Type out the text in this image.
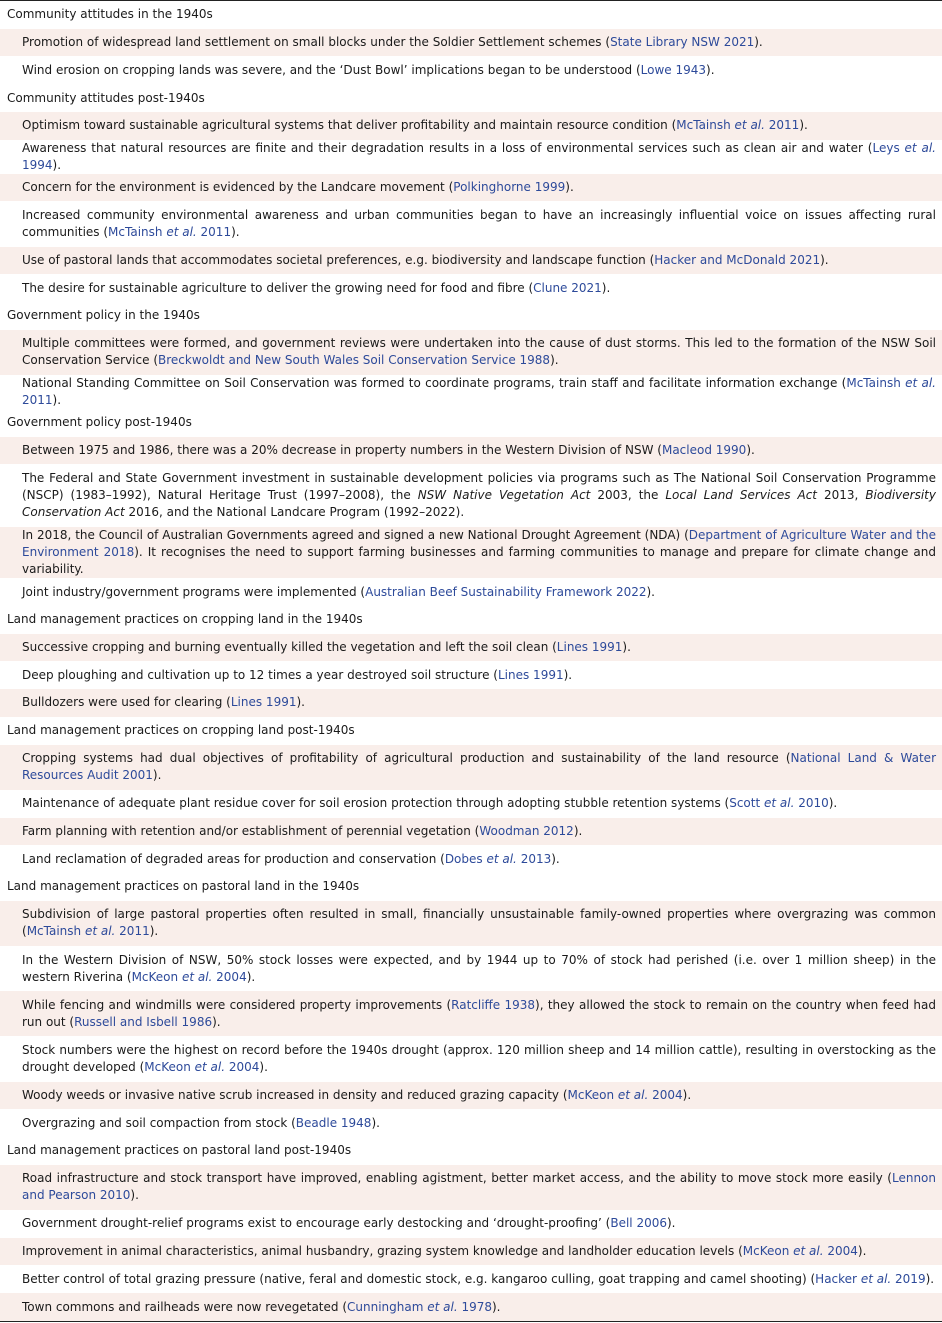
Community attitudes in the 1940s
Promotion of widespread land settlement on small blocks under the Soldier Settlement schemes (State Library NSW 2021).
Wind erosion on cropping lands was severe, and the ‘Dust Bowl’ implications began to be understood (Lowe 1943).
Community attitudes post-1940s
Optimism toward sustainable agricultural systems that deliver profitability and maintain resource condition (McTainsh et al. 2011).
Awareness that natural resources are finite and their degradation results in a loss of environmental services such as clean air and water (Leys et al. 1994).
Concern for the environment is evidenced by the Landcare movement (Polkinghorne 1999).
Increased community environmental awareness and urban communities began to have an increasingly influential voice on issues affecting rural communities (McTainsh et al. 2011).
Use of pastoral lands that accommodates societal preferences, e.g. biodiversity and landscape function (Hacker and McDonald 2021).
The desire for sustainable agriculture to deliver the growing need for food and fibre (Clune 2021).
Government policy in the 1940s
Multiple committees were formed, and government reviews were undertaken into the cause of dust storms. This led to the formation of the NSW Soil Conservation Service (Breckwoldt and New South Wales Soil Conservation Service 1988).
National Standing Committee on Soil Conservation was formed to coordinate programs, train staff and facilitate information exchange (McTainsh et al. 2011).
Government policy post-1940s
Between 1975 and 1986, there was a 20% decrease in property numbers in the Western Division of NSW (Macleod 1990).
The Federal and State Government investment in sustainable development policies via programs such as The National Soil Conservation Programme (NSCP) (1983–1992), Natural Heritage Trust (1997–2008), the NSW Native Vegetation Act 2003, the Local Land Services Act 2013, Biodiversity Conservation Act 2016, and the National Landcare Program (1992–2022).
In 2018, the Council of Australian Governments agreed and signed a new National Drought Agreement (NDA) (Department of Agriculture Water and the Environment 2018). It recognises the need to support farming businesses and farming communities to manage and prepare for climate change and variability.
Joint industry/government programs were implemented (Australian Beef Sustainability Framework 2022).
Land management practices on cropping land in the 1940s
Successive cropping and burning eventually killed the vegetation and left the soil clean (Lines 1991).
Deep ploughing and cultivation up to 12 times a year destroyed soil structure (Lines 1991).
Bulldozers were used for clearing (Lines 1991).
Land management practices on cropping land post-1940s
Cropping systems had dual objectives of profitability of agricultural production and sustainability of the land resource (National Land & Water Resources Audit 2001).
Maintenance of adequate plant residue cover for soil erosion protection through adopting stubble retention systems (Scott et al. 2010).
Farm planning with retention and/or establishment of perennial vegetation (Woodman 2012).
Land reclamation of degraded areas for production and conservation (Dobes et al. 2013).
Land management practices on pastoral land in the 1940s
Subdivision of large pastoral properties often resulted in small, financially unsustainable family-owned properties where overgrazing was common (McTainsh et al. 2011).
In the Western Division of NSW, 50% stock losses were expected, and by 1944 up to 70% of stock had perished (i.e. over 1 million sheep) in the western Riverina (McKeon et al. 2004).
While fencing and windmills were considered property improvements (Ratcliffe 1938), they allowed the stock to remain on the country when feed had run out (Russell and Isbell 1986).
Stock numbers were the highest on record before the 1940s drought (approx. 120 million sheep and 14 million cattle), resulting in overstocking as the drought developed (McKeon et al. 2004).
Woody weeds or invasive native scrub increased in density and reduced grazing capacity (McKeon et al. 2004).
Overgrazing and soil compaction from stock (Beadle 1948).
Land management practices on pastoral land post-1940s
Road infrastructure and stock transport have improved, enabling agistment, better market access, and the ability to move stock more easily (Lennon and Pearson 2010).
Government drought-relief programs exist to encourage early destocking and ‘drought-proofing’ (Bell 2006).
Improvement in animal characteristics, animal husbandry, grazing system knowledge and landholder education levels (McKeon et al. 2004).
Better control of total grazing pressure (native, feral and domestic stock, e.g. kangaroo culling, goat trapping and camel shooting) (Hacker et al. 2019).
Town commons and railheads were now revegetated (Cunningham et al. 1978).
